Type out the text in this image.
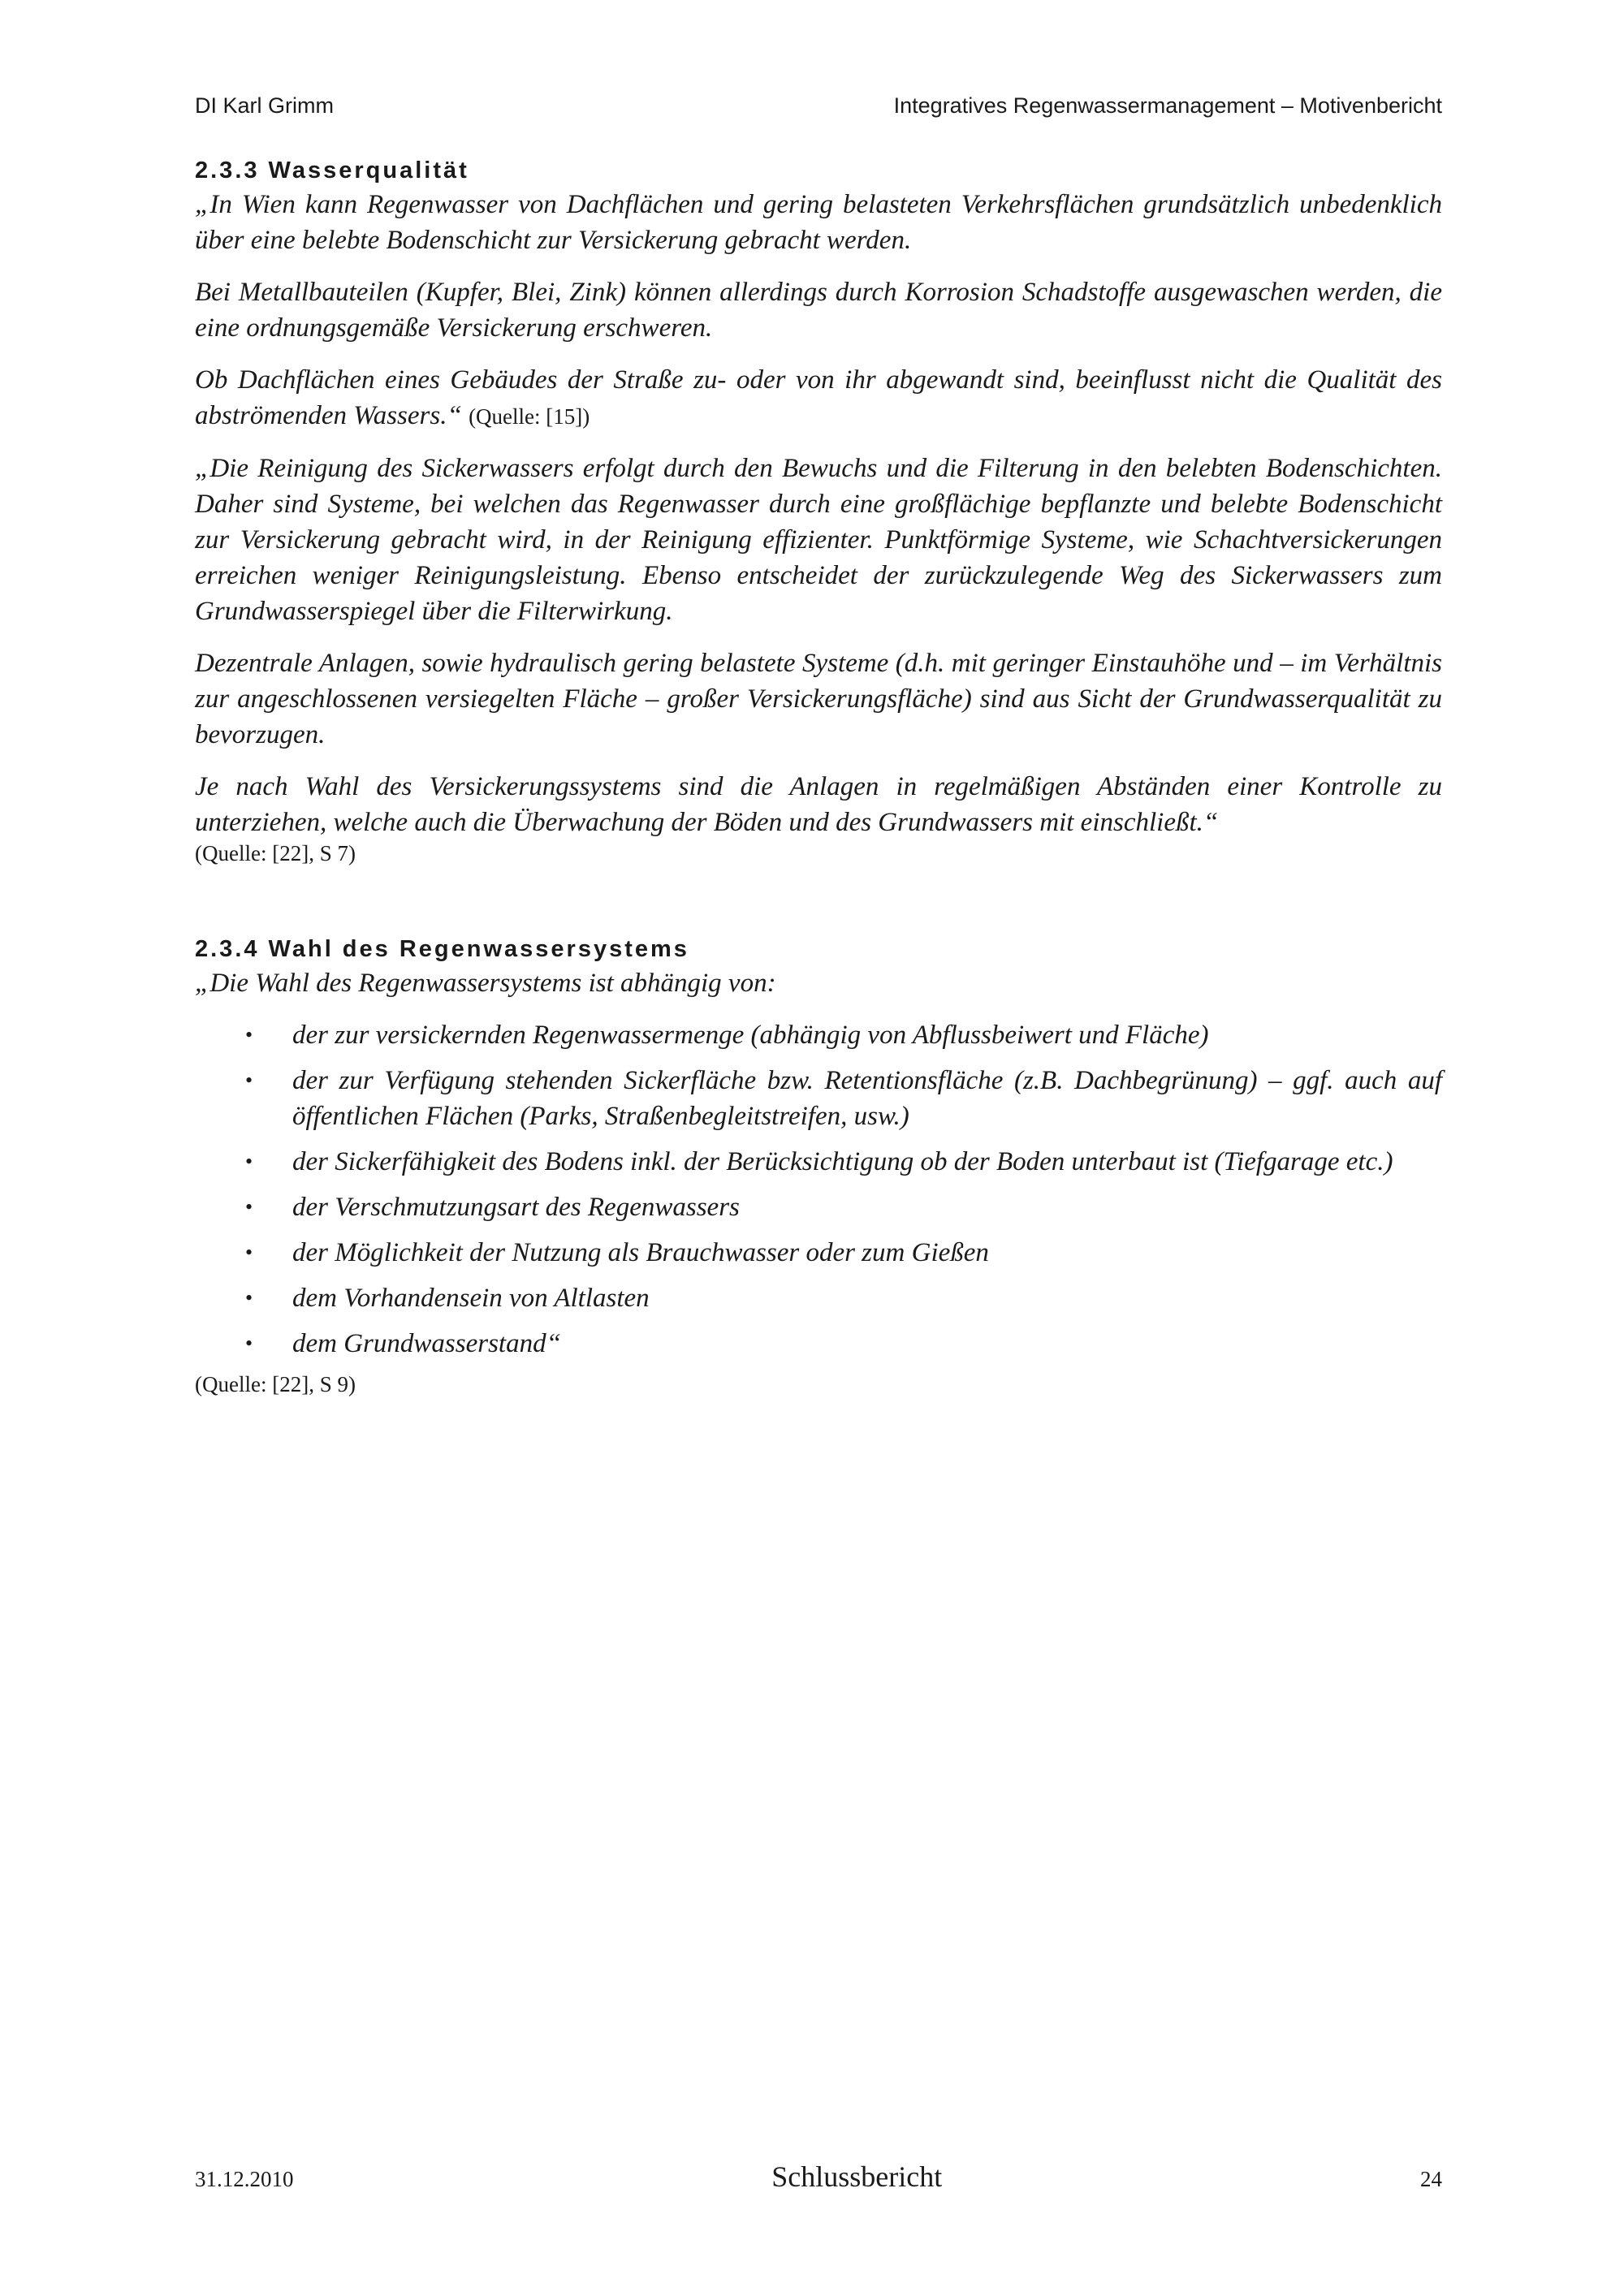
DI Karl Grimm	Integratives Regenwassermanagement – Motivenbericht
2.3.3 Wasserqualität

„In Wien kann Regenwasser von Dachflächen und gering belasteten Verkehrsflächen grundsätzlich unbedenklich über eine belebte Bodenschicht zur Versickerung gebracht werden.

Bei Metallbauteilen (Kupfer, Blei, Zink) können allerdings durch Korrosion Schadstoffe ausgewaschen werden, die eine ordnungsgemäße Versickerung erschweren.

Ob Dachflächen eines Gebäudes der Straße zu- oder von ihr abgewandt sind, beeinflusst nicht die Qualität des abströmenden Wassers.“ (Quelle: [15])

„Die Reinigung des Sickerwassers erfolgt durch den Bewuchs und die Filterung in den belebten Bodenschichten. Daher sind Systeme, bei welchen das Regenwasser durch eine großflächige bepflanzte und belebte Bodenschicht zur Versickerung gebracht wird, in der Reinigung effizienter. Punktförmige Systeme, wie Schachtversickerungen erreichen weniger Reinigungsleistung. Ebenso entscheidet der zurückzulegende Weg des Sickerwassers zum Grundwasserspiegel über die Filterwirkung.

Dezentrale Anlagen, sowie hydraulisch gering belastete Systeme (d.h. mit geringer Einstauhöhe und – im Verhältnis zur angeschlossenen versiegelten Fläche – großer Versickerungsfläche) sind aus Sicht der Grundwasserqualität zu bevorzugen.

Je nach Wahl des Versickerungssystems sind die Anlagen in regelmäßigen Abständen einer Kontrolle zu unterziehen, welche auch die Überwachung der Böden und des Grundwassers mit einschließt.“

(Quelle: [22], S 7)
2.3.4 Wahl des Regenwassersystems

„Die Wahl des Regenwassersystems ist abhängig von:

• der zur versickernden Regenwassermenge (abhängig von Abflussbeiwert und Fläche)
• der zur Verfügung stehenden Sickerfläche bzw. Retentionsfläche (z.B. Dachbegrünung) – ggf. auch auf öffentlichen Flächen (Parks, Straßenbegleitstreifen, usw.)
• der Sickerfähigkeit des Bodens inkl. der Berücksichtigung ob der Boden unterbaut ist (Tiefgarage etc.)
• der Verschmutzungsart des Regenwassers
• der Möglichkeit der Nutzung als Brauchwasser oder zum Gießen
• dem Vorhandensein von Altlasten
• dem Grundwasserstand“
(Quelle: [22], S 9)
31.12.2010	Schlussbericht	24
